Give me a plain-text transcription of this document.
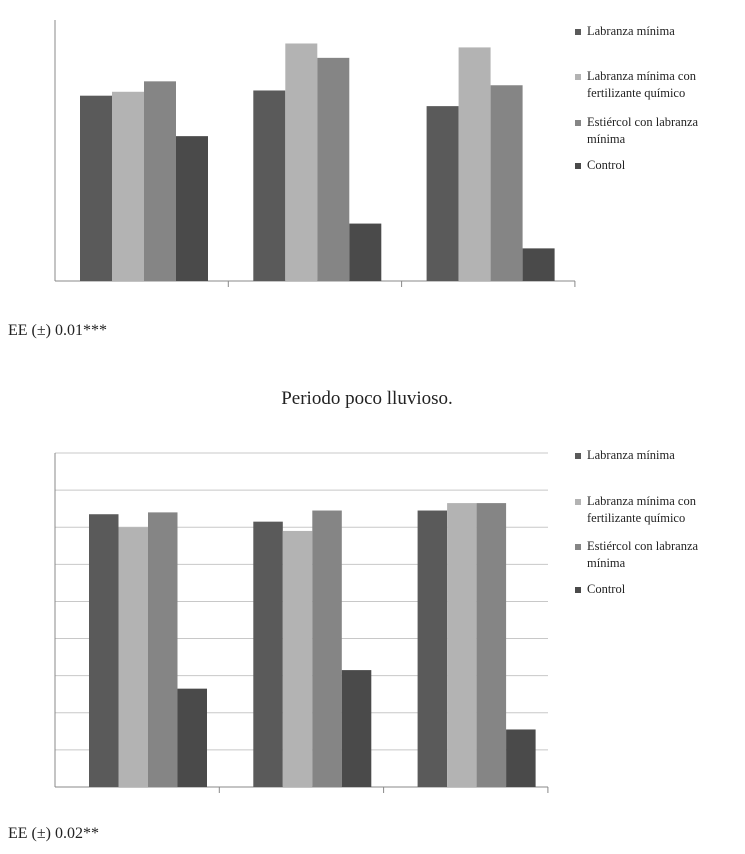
Labranza mínima
Labranza mínima con fertilizante químico
Estiércol con labranza mínima
Control
EE (±) 0.01***
Periodo poco lluvioso.
Labranza mínima
Labranza mínima con fertilizante químico
Estiércol con labranza mínima
Control
EE (±) 0.02**
